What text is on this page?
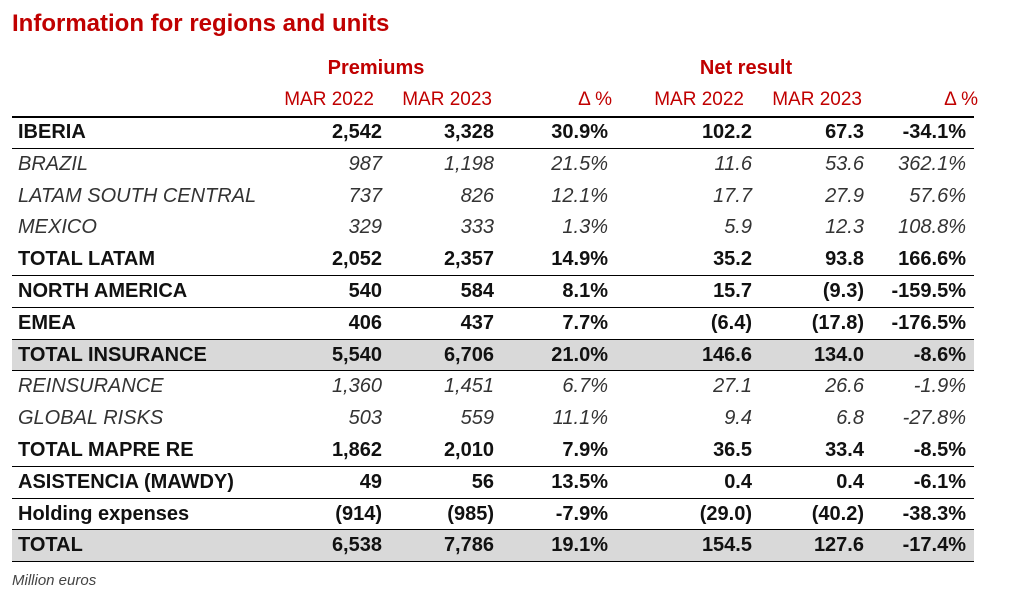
Information for regions and units
Premiums	Net result
MAR 2022 MAR 2023	Δ % MAR 2022 MAR 2023	Δ %
IBERIA	2,542	3,328	30.9%	102.2	67.3 -34.1%
BRAZIL	987	1,198	21.5%	11.6	53.6 362.1%
LATAM SOUTH CENTRAL	737	826	12.1%	17.7	27.9 57.6%
MEXICO	329	333	1.3%	5.9	12.3 108.8%
TOTAL LATAM	2,052	2,357	14.9%	35.2	93.8 166.6%
NORTH AMERICA	540	584	8.1%	15.7	(9.3) -159.5%
EMEA	406	437	7.7%	(6.4)	(17.8) -176.5%
TOTAL INSURANCE	5,540	6,706	21.0%	146.6	134.0 -8.6%
REINSURANCE	1,360	1,451	6.7%	27.1	26.6 -1.9%
GLOBAL RISKS	503	559	11.1%	9.4	6.8 -27.8%
TOTAL MAPRE RE	1,862	2,010	7.9%	36.5	33.4 -8.5%
ASISTENCIA (MAWDY)	49	56	13.5%	0.4	0.4 -6.1%
Holding expenses	(914)	(985)	-7.9%	(29.0)	(40.2) -38.3%
TOTAL	6,538	7,786	19.1%	154.5	127.6 -17.4%
Million euros
